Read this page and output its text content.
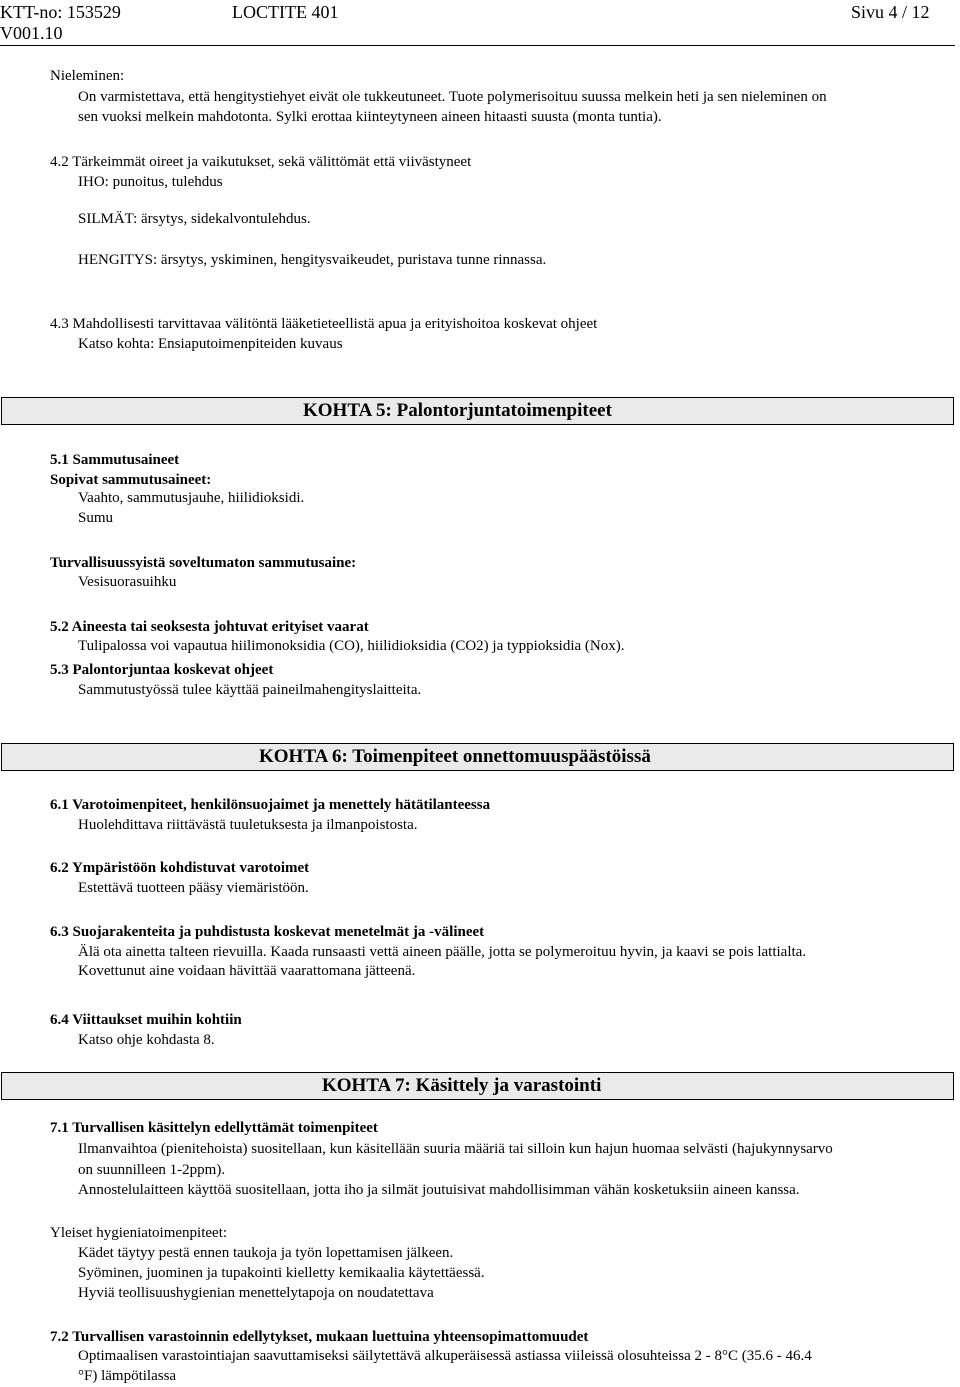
KTT-no: 153529	LOCTITE 401	Sivu 4 / 12
V001.10
Nieleminen:
On varmistettava, että hengitystiehyet eivät ole tukkeutuneet. Tuote polymerisoituu suussa melkein heti ja sen nieleminen on
sen vuoksi melkein mahdotonta. Sylki erottaa kiinteytyneen aineen hitaasti suusta (monta tuntia).
4.2 Tärkeimmät oireet ja vaikutukset, sekä välittömät että viivästyneet
IHO: punoitus, tulehdus
SILMÄT: ärsytys, sidekalvontulehdus.
HENGITYS: ärsytys, yskiminen, hengitysvaikeudet, puristava tunne rinnassa.
4.3 Mahdollisesti tarvittavaa välitöntä lääketieteellistä apua ja erityishoitoa koskevat ohjeet
Katso kohta: Ensiaputoimenpiteiden kuvaus
KOHTA 5: Palontorjuntatoimenpiteet
5.1 Sammutusaineet
Sopivat sammutusaineet:
Vaahto, sammutusjauhe, hiilidioksidi.
Sumu
Turvallisuussyistä soveltumaton sammutusaine:
Vesisuorasuihku
5.2 Aineesta tai seoksesta johtuvat erityiset vaarat
Tulipalossa voi vapautua hiilimonoksidia (CO), hiilidioksidia (CO2) ja typpioksidia (Nox).
5.3 Palontorjuntaa koskevat ohjeet
Sammutustyössä tulee käyttää paineilmahengityslaitteita.
KOHTA 6: Toimenpiteet onnettomuuspäästöissä
6.1 Varotoimenpiteet, henkilönsuojaimet ja menettely hätätilanteessa
Huolehdittava riittävästä tuuletuksesta ja ilmanpoistosta.
6.2 Ympäristöön kohdistuvat varotoimet
Estettävä tuotteen pääsy viemäristöön.
6.3 Suojarakenteita ja puhdistusta koskevat menetelmät ja -välineet
Älä ota ainetta talteen rievuilla. Kaada runsaasti vettä aineen päälle, jotta se polymeroituu hyvin, ja kaavi se pois lattialta.
Kovettunut aine voidaan hävittää vaarattomana jätteenä.
6.4 Viittaukset muihin kohtiin
Katso ohje kohdasta 8.
KOHTA 7: Käsittely ja varastointi
7.1 Turvallisen käsittelyn edellyttämät toimenpiteet
Ilmanvaihtoa (pienitehoista) suositellaan, kun käsitellään suuria määriä tai silloin kun hajun huomaa selvästi (hajukynnysarvo
on suunnilleen 1-2ppm).
Annostelulaitteen käyttöä suositellaan, jotta iho ja silmät joutuisivat mahdollisimman vähän kosketuksiin aineen kanssa.
Yleiset hygieniatoimenpiteet:
Kädet täytyy pestä ennen taukoja ja työn lopettamisen jälkeen.
Syöminen, juominen ja tupakointi kielletty kemikaalia käytettäessä.
Hyviä teollisuushygienian menettelytapoja on noudatettava
7.2 Turvallisen varastoinnin edellytykset, mukaan luettuina yhteensopimattomuudet
Optimaalisen varastointiajan saavuttamiseksi säilytettävä alkuperäisessä astiassa viileissä olosuhteissa 2 - 8°C (35.6 - 46.4
°F) lämpötilassa
